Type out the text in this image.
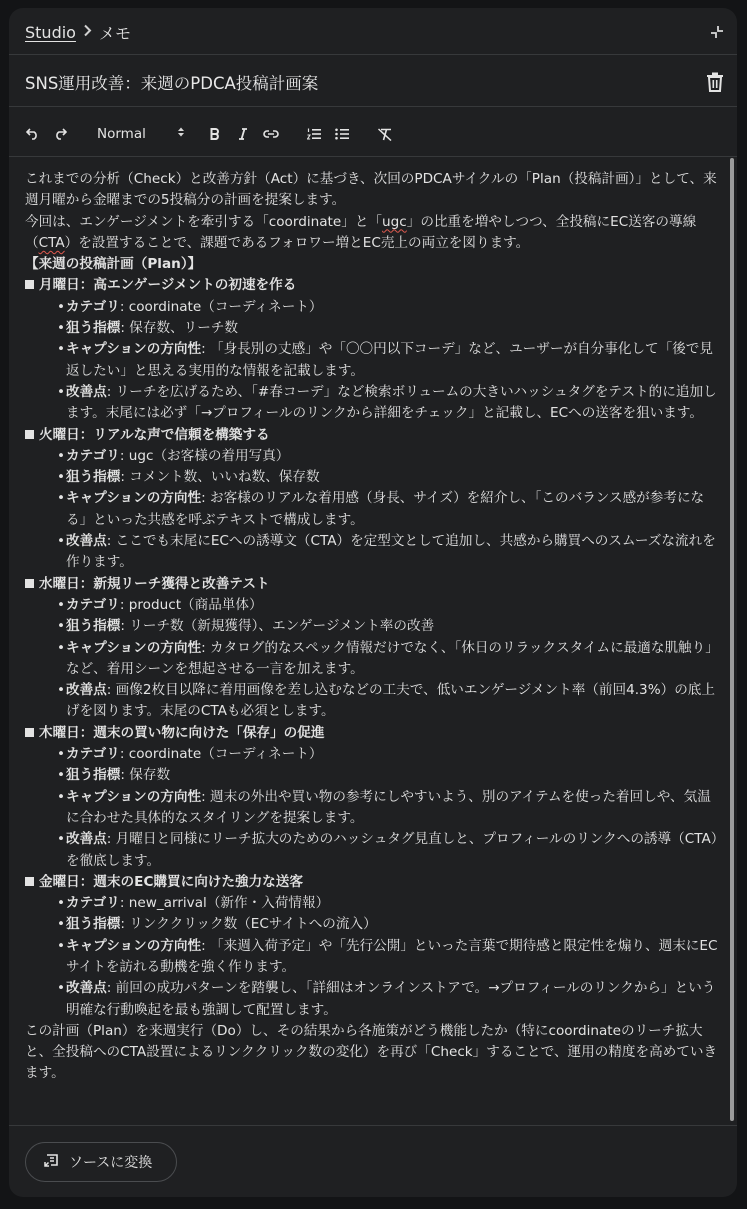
Studio メモ
SNS運用改善：来週のPDCA投稿計画案
Normal

これまでの分析（Check）と改善方針（Act）に基づき、次回のPDCAサイクルの「Plan（投稿計画）」として、来週月曜から金曜までの5投稿分の計画を提案します。

今回は、エンゲージメントを牽引する「coordinate」と「ugc」の比重を増やしつつ、全投稿にEC送客の導線（CTA）を設置することで、課題であるフォロワー増とEC売上の両立を図ります。

【来週の投稿計画（Plan）】

月曜日：高エンゲージメントの初速を作る

• カテゴリ: coordinate（コーディネート）
• 狙う指標: 保存数、リーチ数
• キャプションの方向性: 「身長別の丈感」や「〇〇円以下コーデ」など、ユーザーが自分事化して「後で見返したい」と思える実用的な情報を記載します。
• 改善点: リーチを広げるため、「#春コーデ」など検索ボリュームの大きいハッシュタグをテスト的に追加します。末尾には必ず「→プロフィールのリンクから詳細をチェック」と記載し、ECへの送客を狙います。

火曜日：リアルな声で信頼を構築する

• カテゴリ: ugc（お客様の着用写真）
• 狙う指標: コメント数、いいね数、保存数
• キャプションの方向性: お客様のリアルな着用感（身長、サイズ）を紹介し、「このバランス感が参考になる」といった共感を呼ぶテキストで構成します。
• 改善点: ここでも末尾にECへの誘導文（CTA）を定型文として追加し、共感から購買へのスムーズな流れを作ります。

水曜日：新規リーチ獲得と改善テスト

• カテゴリ: product（商品単体）
• 狙う指標: リーチ数（新規獲得）、エンゲージメント率の改善
• キャプションの方向性: カタログ的なスペック情報だけでなく、「休日のリラックスタイムに最適な肌触り」など、着用シーンを想起させる一言を加えます。
• 改善点: 画像2枚目以降に着用画像を差し込むなどの工夫で、低いエンゲージメント率（前回4.3%）の底上げを図ります。末尾のCTAも必須とします。

木曜日：週末の買い物に向けた「保存」の促進

• カテゴリ: coordinate（コーディネート）
• 狙う指標: 保存数
• キャプションの方向性: 週末の外出や買い物の参考にしやすいよう、別のアイテムを使った着回しや、気温に合わせた具体的なスタイリングを提案します。
• 改善点: 月曜日と同様にリーチ拡大のためのハッシュタグ見直しと、プロフィールのリンクへの誘導（CTA）を徹底します。

金曜日：週末のEC購買に向けた強力な送客

• カテゴリ: new_arrival（新作・入荷情報）
• 狙う指標: リンククリック数（ECサイトへの流入）
• キャプションの方向性: 「来週入荷予定」や「先行公開」といった言葉で期待感と限定性を煽り、週末にECサイトを訪れる動機を強く作ります。
• 改善点: 前回の成功パターンを踏襲し、「詳細はオンラインストアで。→プロフィールのリンクから」という明確な行動喚起を最も強調して配置します。

この計画（Plan）を来週実行（Do）し、その結果から各施策がどう機能したか（特にcoordinateのリーチ拡大と、全投稿へのCTA設置によるリンククリック数の変化）を再び「Check」することで、運用の精度を高めていきます。

ソースに変換
